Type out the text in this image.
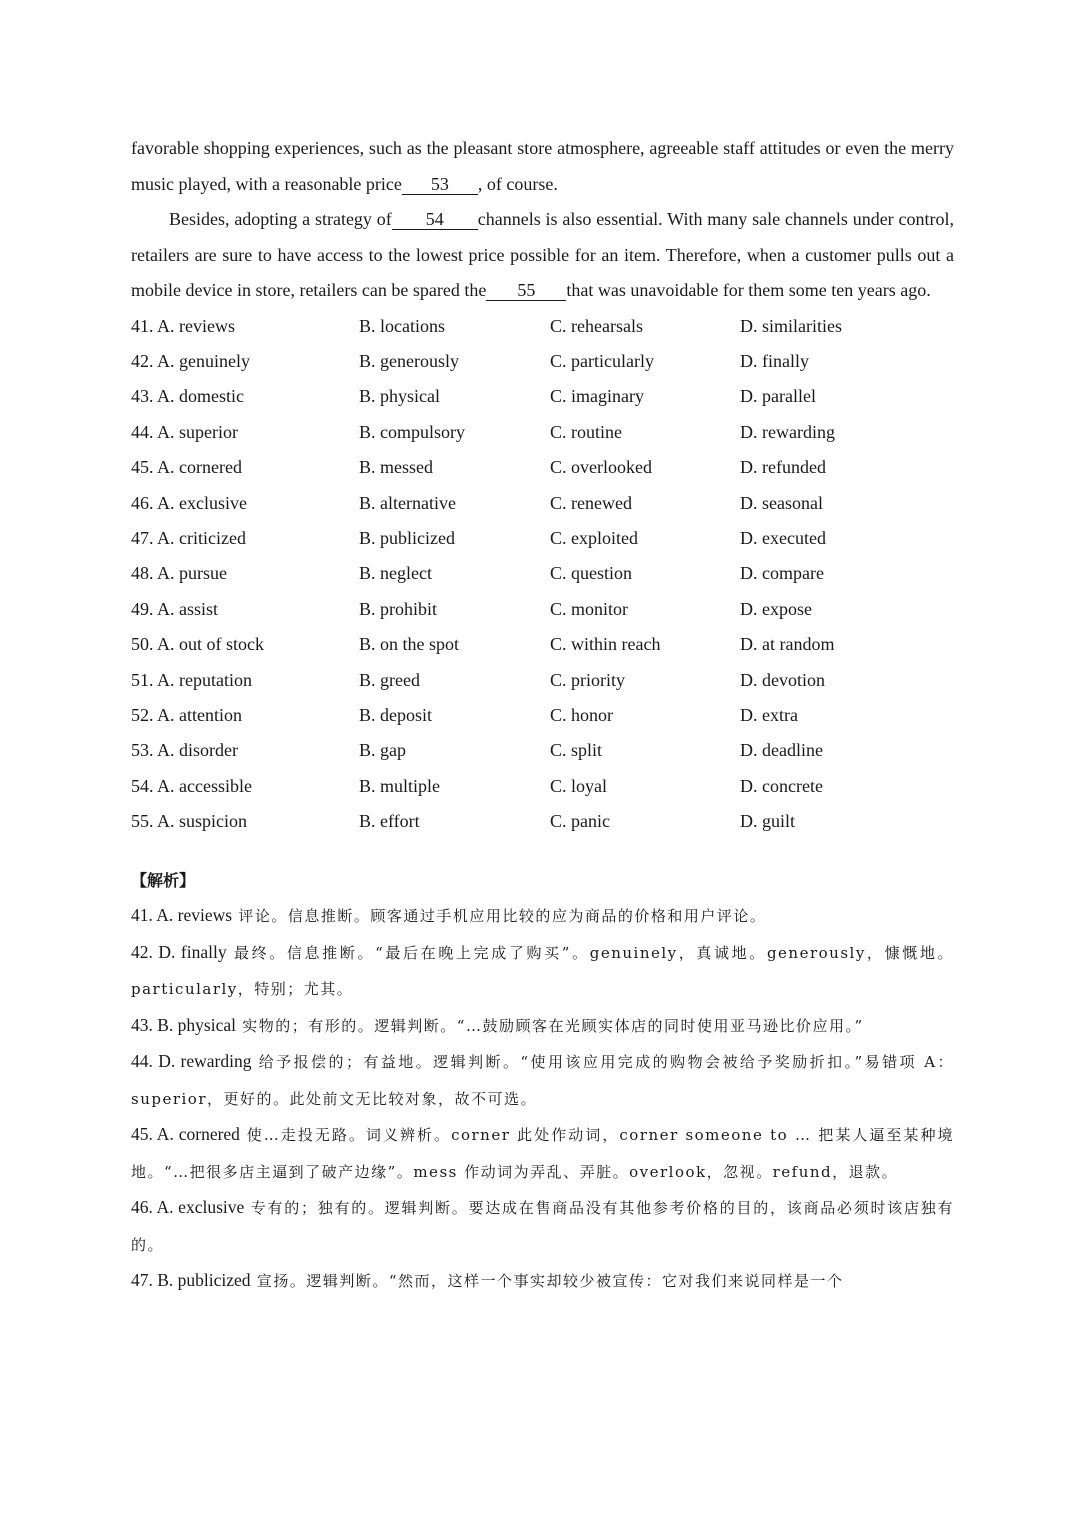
favorable shopping experiences, such as the pleasant store atmosphere, agreeable staff attitudes or even the merry music played, with a reasonable price 53 , of course.

Besides, adopting a strategy of 54 channels is also essential. With many sale channels under control, retailers are sure to have access to the lowest price possible for an item. Therefore, when a customer pulls out a mobile device in store, retailers can be spared the 55 that was unavoidable for them some ten years ago.

41. A. reviews	B. locations	C. rehearsals	D. similarities
42. A. genuinely	B. generously	C. particularly	D. finally
43. A. domestic	B. physical	C. imaginary	D. parallel
44. A. superior	B. compulsory	C. routine	D. rewarding
45. A. cornered	B. messed	C. overlooked	D. refunded
46. A. exclusive	B. alternative	C. renewed	D. seasonal
47. A. criticized	B. publicized	C. exploited	D. executed
48. A. pursue	B. neglect	C. question	D. compare
49. A. assist	B. prohibit	C. monitor	D. expose
50. A. out of stock	B. on the spot	C. within reach	D. at random
51. A. reputation	B. greed	C. priority	D. devotion
52. A. attention	B. deposit	C. honor	D. extra
53. A. disorder	B. gap	C. split	D. deadline
54. A. accessible	B. multiple	C. loyal	D. concrete
55. A. suspicion	B. effort	C. panic	D. guilt
【解析】

41. A. reviews 评论。信息推断。顾客通过手机应用比较的应为商品的价格和用户评论。

42. D. finally 最终。信息推断。“最后在晚上完成了购买”。genuinely，真诚地。generously，慷慨地。particularly，特别；尤其。

43. B. physical 实物的；有形的。逻辑判断。“…鼓励顾客在光顾实体店的同时使用亚马逊比价应用。”

44. D. rewarding 给予报偿的；有益地。逻辑判断。“使用该应用完成的购物会被给予奖励折扣。”易错项 A：superior，更好的。此处前文无比较对象，故不可选。

45. A. cornered 使…走投无路。词义辨析。corner 此处作动词，corner someone to … 把某人逼至某种境地。“…把很多店主逼到了破产边缘”。mess 作动词为弄乱、弄脏。overlook，忽视。refund，退款。

46. A. exclusive 专有的；独有的。逻辑判断。要达成在售商品没有其他参考价格的目的，该商品必须时该店独有的。

47. B. publicized 宣扬。逻辑判断。“然而，这样一个事实却较少被宣传：它对我们来说同样是一个
